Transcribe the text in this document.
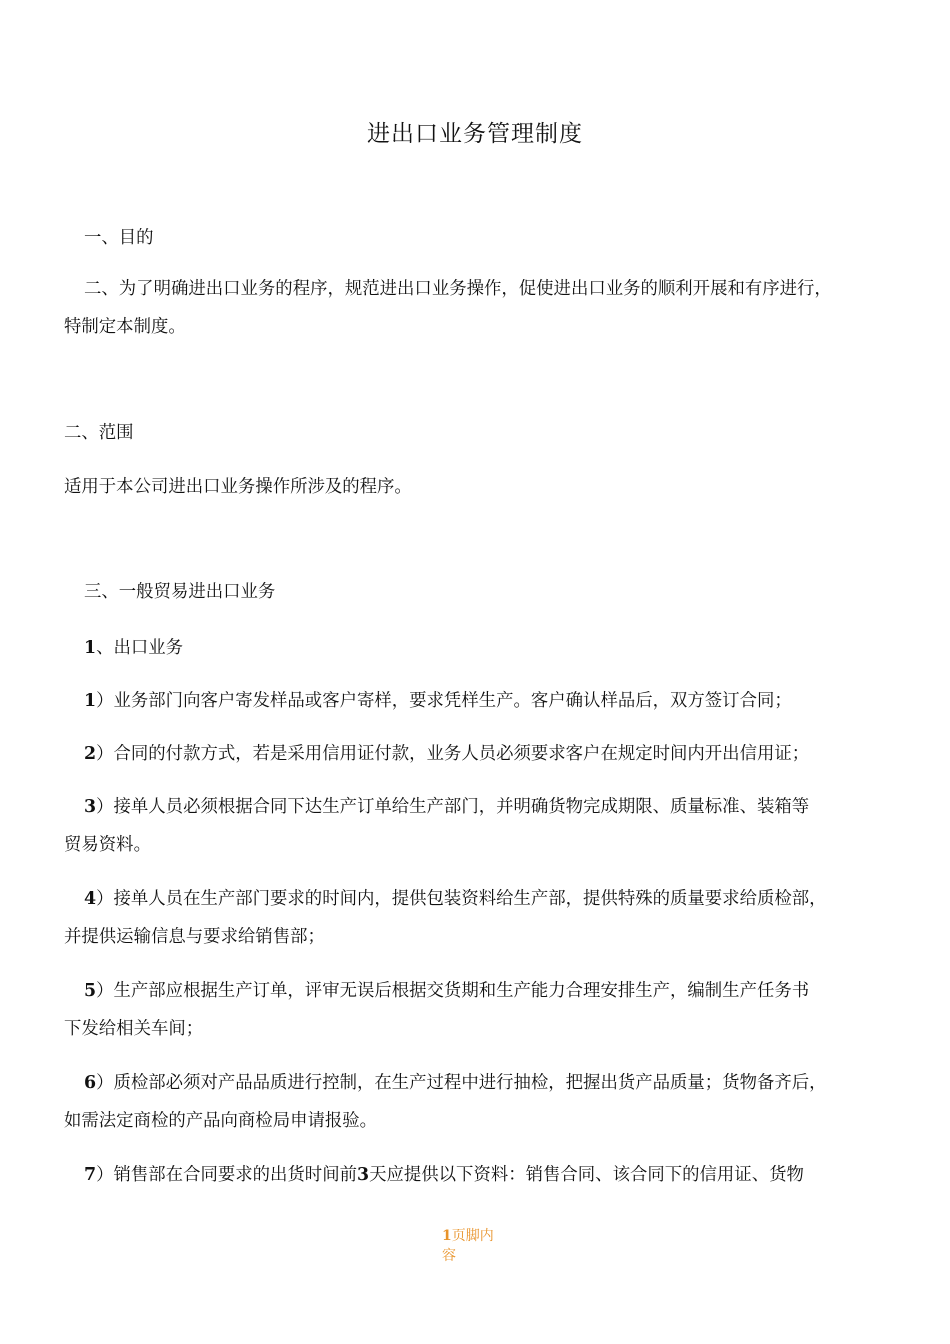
进出口业务管理制度
一、目的
二、为了明确进出口业务的程序，规范进出口业务操作，促使进出口业务的顺利开展和有序进行，
特制定本制度。
二、范围
适用于本公司进出口业务操作所涉及的程序。
三、一般贸易进出口业务
1、出口业务
1）业务部门向客户寄发样品或客户寄样，要求凭样生产。客户确认样品后，双方签订合同；
2）合同的付款方式，若是采用信用证付款，业务人员必须要求客户在规定时间内开出信用证；
3）接单人员必须根据合同下达生产订单给生产部门，并明确货物完成期限、质量标准、装箱等
贸易资料。
4）接单人员在生产部门要求的时间内，提供包装资料给生产部，提供特殊的质量要求给质检部，
并提供运输信息与要求给销售部；
5）生产部应根据生产订单，评审无误后根据交货期和生产能力合理安排生产，编制生产任务书
下发给相关车间；
6）质检部必须对产品品质进行控制，在生产过程中进行抽检，把握出货产品质量；货物备齐后，
如需法定商检的产品向商检局申请报验。
7）销售部在合同要求的出货时间前3天应提供以下资料：销售合同、该合同下的信用证、货物
1页脚内
容
